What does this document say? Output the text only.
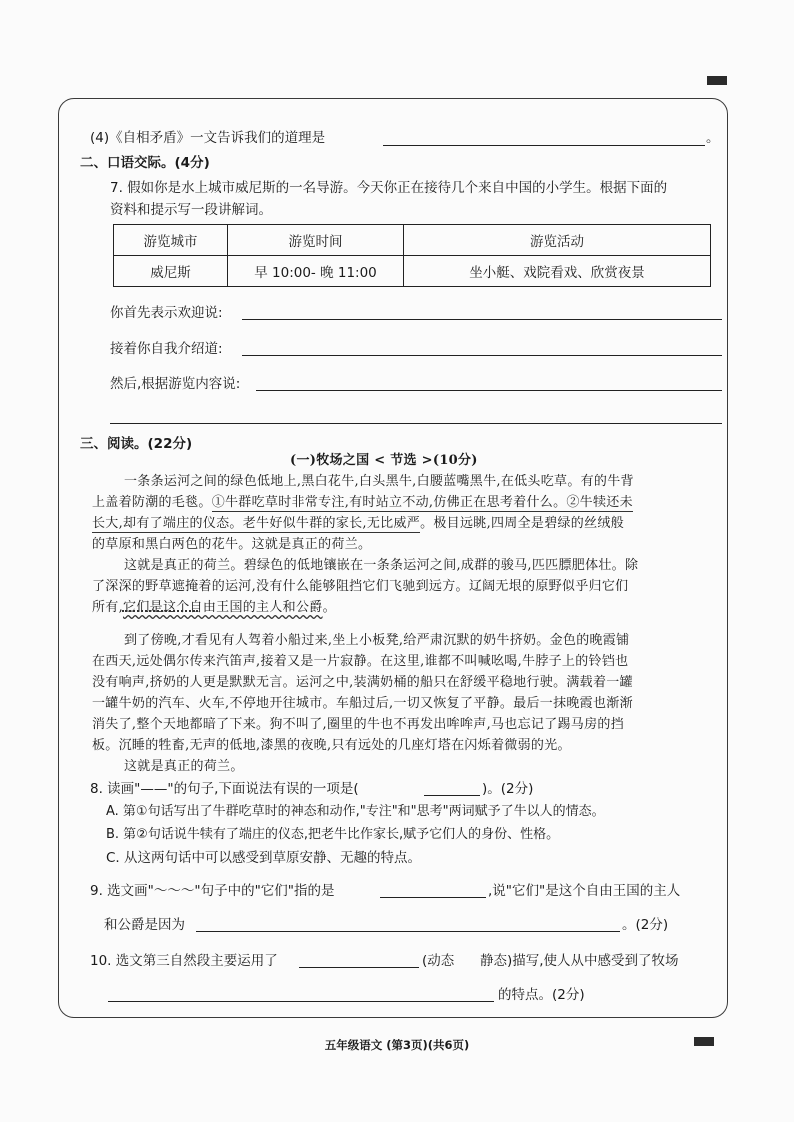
(4)《自相矛盾》一文告诉我们的道理是	。
二、口语交际。(4分)
7. 假如你是水上城市威尼斯的一名导游。今天你正在接待几个来自中国的小学生。根据下面的
资料和提示写一段讲解词。
游览城市	游览时间	游览活动
威尼斯	早 10:00- 晚 11:00	坐小艇、戏院看戏、欣赏夜景
你首先表示欢迎说:
接着你自我介绍道:
然后,根据游览内容说:
三、阅读。(22分)
(一)牧场之国 < 节选 >(10分)
一条条运河之间的绿色低地上,黑白花牛,白头黑牛,白腰蓝嘴黑牛,在低头吃草。有的牛背
上盖着防潮的毛毯。①牛群吃草时非常专注,有时站立不动,仿佛正在思考着什么。②牛犊还未
长大,却有了端庄的仪态。老牛好似牛群的家长,无比威严。极目远眺,四周全是碧绿的丝绒般
的草原和黑白两色的花牛。这就是真正的荷兰。
这就是真正的荷兰。碧绿色的低地镶嵌在一条条运河之间,成群的骏马,匹匹膘肥体壮。除
了深深的野草遮掩着的运河,没有什么能够阻挡它们飞驰到远方。辽阔无垠的原野似乎归它们
所有,它们是这个自由王国的主人和公爵。
到了傍晚,才看见有人驾着小船过来,坐上小板凳,给严肃沉默的奶牛挤奶。金色的晚霞铺
在西天,远处偶尔传来汽笛声,接着又是一片寂静。在这里,谁都不叫喊吆喝,牛脖子上的铃铛也
没有响声,挤奶的人更是默默无言。运河之中,装满奶桶的船只在舒缓平稳地行驶。满载着一罐
一罐牛奶的汽车、火车,不停地开往城市。车船过后,一切又恢复了平静。最后一抹晚霞也渐渐
消失了,整个天地都暗了下来。狗不叫了,圈里的牛也不再发出哞哞声,马也忘记了踢马房的挡
板。沉睡的牲畜,无声的低地,漆黑的夜晚,只有远处的几座灯塔在闪烁着微弱的光。
这就是真正的荷兰。
8. 读画"——"的句子,下面说法有误的一项是(	)。(2分)
A. 第①句话写出了牛群吃草时的神态和动作,"专注"和"思考"两词赋予了牛以人的情态。
B. 第②句话说牛犊有了端庄的仪态,把老牛比作家长,赋予它们人的身份、性格。
C. 从这两句话中可以感受到草原安静、无趣的特点。
9. 选文画"～～～"句子中的"它们"指的是	,说"它们"是这个自由王国的主人
和公爵是因为	。(2分)
10. 选文第三自然段主要运用了	(动态 静态)描写,使人从中感受到了牧场
的特点。(2分)
五年级语文 (第3页)(共6页)
